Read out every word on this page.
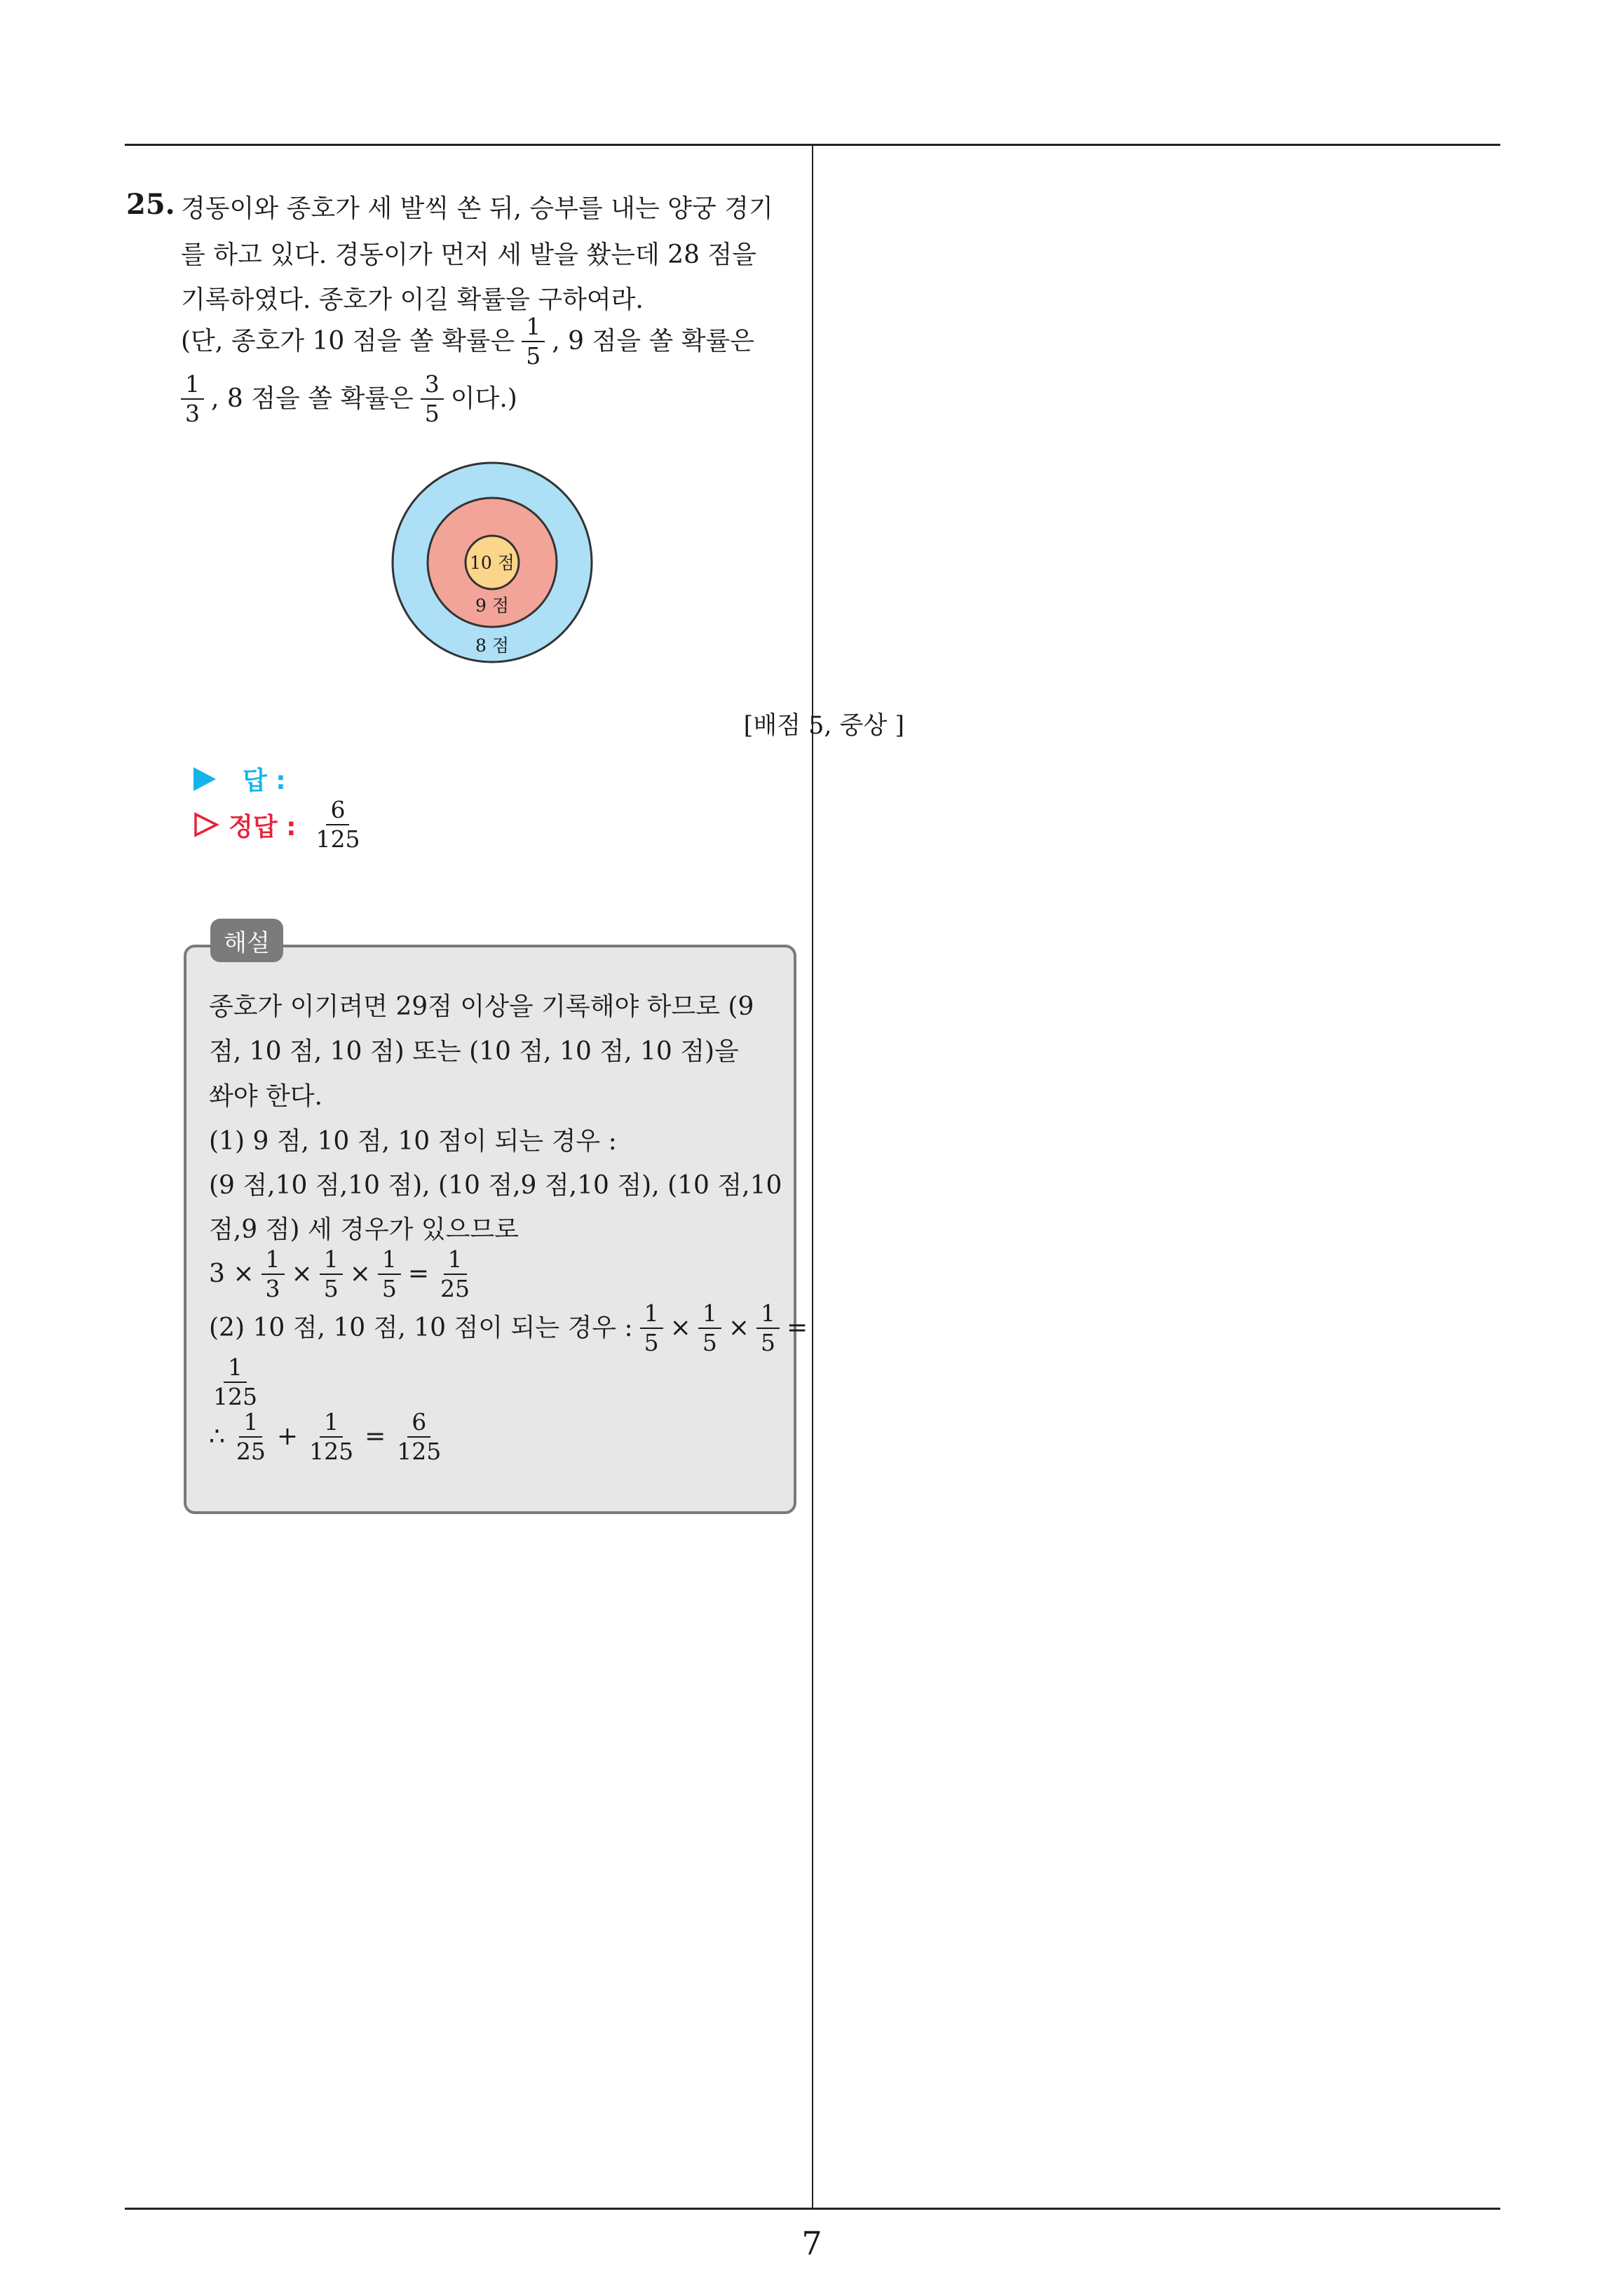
25. 경동이와 종호가 세 발씩 쏜 뒤, 승부를 내는 양궁 경기
를 하고 있다. 경동이가 먼저 세 발을 쐈는데 28 점을
기록하였다. 종호가 이길 확률을 구하여라.
(단, 종호가 10 점을 쏠 확률은 $\frac{1}{5}$ , 9 점을 쏠 확률은
$\frac{1}{3}$ , 8 점을 쏠 확률은 $\frac{3}{5}$ 이다.)
10 점
9 점
8 점
[배점 5, 중상 ]
답 :
정답 : $\frac{6}{125}$
해설
종호가 이기려면 29점 이상을 기록해야 하므로 (9
점, 10 점, 10 점) 또는 (10 점, 10 점, 10 점)을
쏴야 한다.
(1) 9 점, 10 점, 10 점이 되는 경우 :
(9 점,10 점,10 점), (10 점,9 점,10 점), (10 점,10
점,9 점) 세 경우가 있으므로
$3 \times \frac{1}{3} \times \frac{1}{5} \times \frac{1}{5} = \frac{1}{25}$
(2) 10 점, 10 점, 10 점이 되는 경우 : $\frac{1}{5} \times \frac{1}{5} \times \frac{1}{5}$ =
$\frac{1}{125}$
∴ $\frac{1}{25} + \frac{1}{125} = \frac{6}{125}$
7
